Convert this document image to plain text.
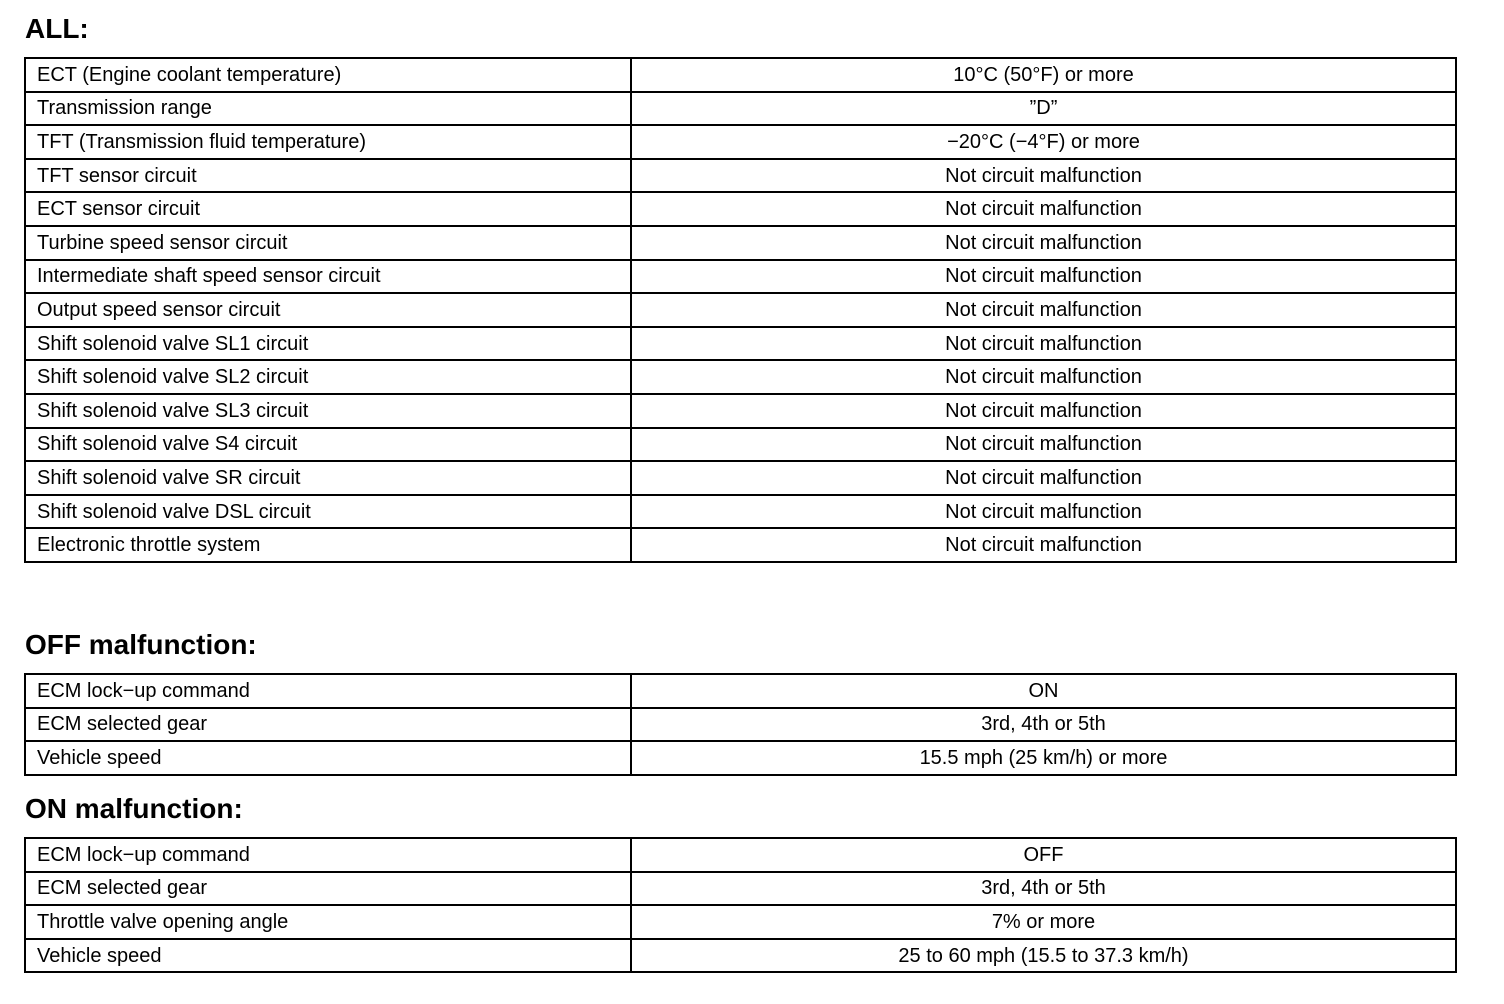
ALL:
ECT (Engine coolant temperature)	10°C (50°F) or more
Transmission range	”D”
TFT (Transmission fluid temperature)	−20°C (−4°F) or more
TFT sensor circuit	Not circuit malfunction
ECT sensor circuit	Not circuit malfunction
Turbine speed sensor circuit	Not circuit malfunction
Intermediate shaft speed sensor circuit	Not circuit malfunction
Output speed sensor circuit	Not circuit malfunction
Shift solenoid valve SL1 circuit	Not circuit malfunction
Shift solenoid valve SL2 circuit	Not circuit malfunction
Shift solenoid valve SL3 circuit	Not circuit malfunction
Shift solenoid valve S4 circuit	Not circuit malfunction
Shift solenoid valve SR circuit	Not circuit malfunction
Shift solenoid valve DSL circuit	Not circuit malfunction
Electronic throttle system	Not circuit malfunction
OFF malfunction:
ECM lock−up command	ON
ECM selected gear	3rd, 4th or 5th
Vehicle speed	15.5 mph (25 km/h) or more
ON malfunction:
ECM lock−up command	OFF
ECM selected gear	3rd, 4th or 5th
Throttle valve opening angle	7% or more
Vehicle speed	25 to 60 mph (15.5 to 37.3 km/h)
